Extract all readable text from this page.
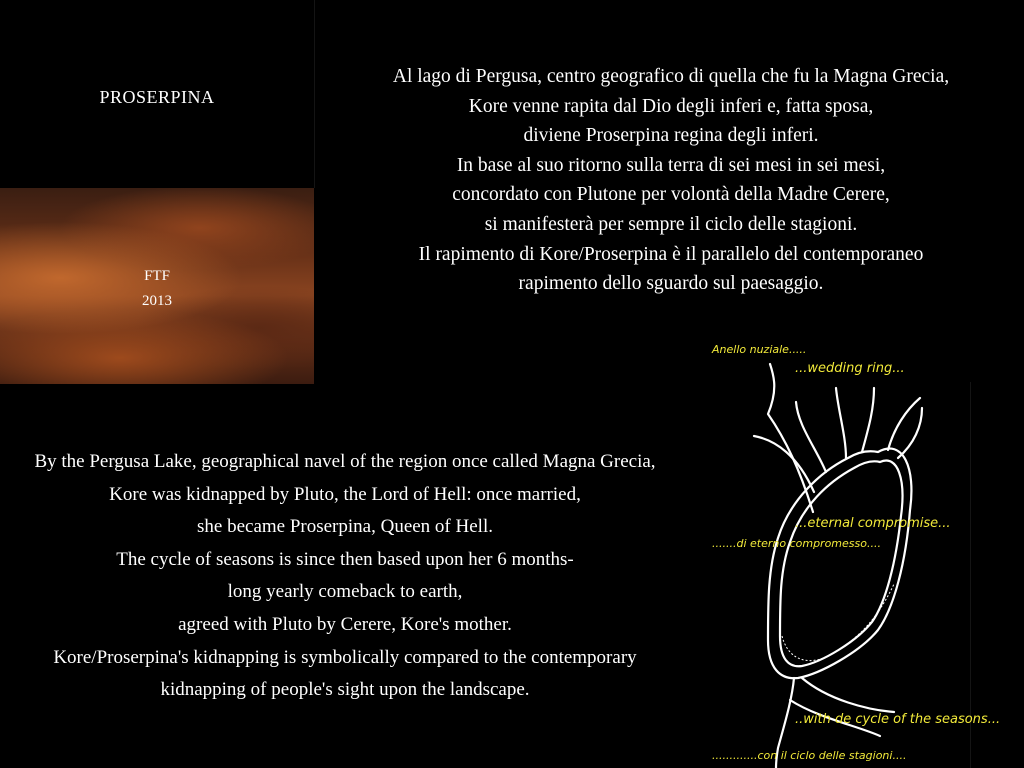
PROSERPINA
FTF
2013
Al lago di Pergusa, centro geografico di quella che fu la Magna Grecia,
Kore venne rapita dal Dio degli inferi e, fatta sposa,
diviene Proserpina regina degli inferi.
In base al suo ritorno sulla terra di sei mesi in sei mesi,
concordato con Plutone per volontà della Madre Cerere,
si manifesterà per sempre il ciclo delle stagioni.
Il rapimento di Kore/Proserpina è il parallelo del contemporaneo
rapimento dello sguardo sul paesaggio.
By the Pergusa Lake, geographical navel of the region once called Magna Grecia,
Kore was kidnapped by Pluto, the Lord of Hell: once married,
she became Proserpina, Queen of Hell.
The cycle of seasons is since then based upon her 6 months-
long yearly comeback to earth,
agreed with Pluto by Cerere, Kore's mother.
Kore/Proserpina's kidnapping is symbolically compared to the contemporary
kidnapping of people's sight upon the landscape.
Anello nuziale.....
...wedding ring...
...eternal compromise...
.......di eterno compromesso....
..with de cycle of the seasons...
.............con il ciclo delle stagioni....
